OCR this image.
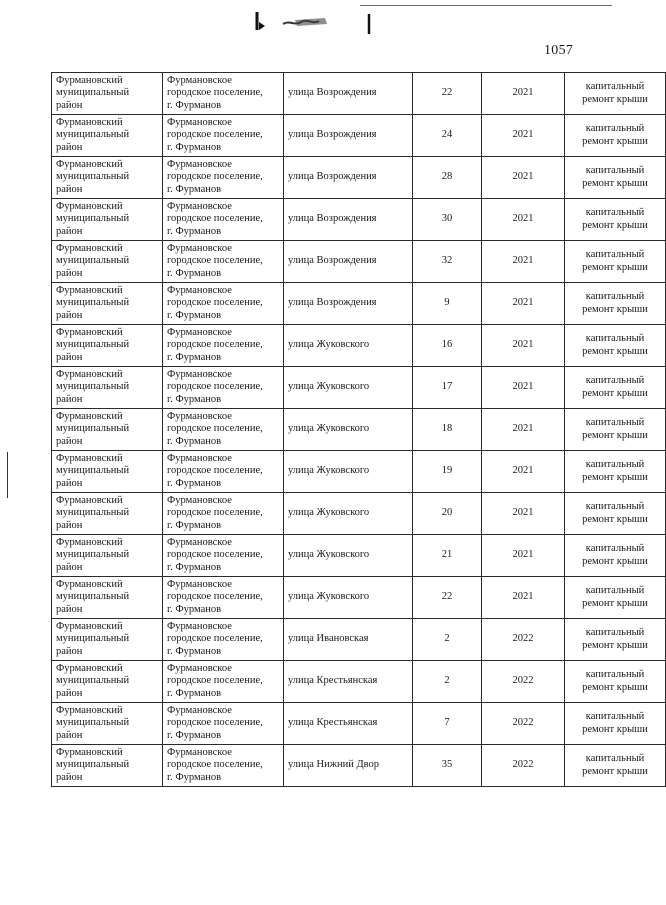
1057
Фурмановский
муниципальный
район	Фурмановское
городское поселение,
г. Фурманов	улица Возрождения	22	2021	капитальный
ремонт крыши

Фурмановский
муниципальный
район	Фурмановское
городское поселение,
г. Фурманов	улица Возрождения	24	2021	капитальный
ремонт крыши

Фурмановский
муниципальный
район	Фурмановское
городское поселение,
г. Фурманов	улица Возрождения	28	2021	капитальный
ремонт крыши

Фурмановский
муниципальный
район	Фурмановское
городское поселение,
г. Фурманов	улица Возрождения	30	2021	капитальный
ремонт крыши

Фурмановский
муниципальный
район	Фурмановское
городское поселение,
г. Фурманов	улица Возрождения	32	2021	капитальный
ремонт крыши

Фурмановский
муниципальный
район	Фурмановское
городское поселение,
г. Фурманов	улица Возрождения	9	2021	капитальный
ремонт крыши

Фурмановский
муниципальный
район	Фурмановское
городское поселение,
г. Фурманов	улица Жуковского	16	2021	капитальный
ремонт крыши

Фурмановский
муниципальный
район	Фурмановское
городское поселение,
г. Фурманов	улица Жуковского	17	2021	капитальный
ремонт крыши

Фурмановский
муниципальный
район	Фурмановское
городское поселение,
г. Фурманов	улица Жуковского	18	2021	капитальный
ремонт крыши

Фурмановский
муниципальный
район	Фурмановское
городское поселение,
г. Фурманов	улица Жуковского	19	2021	капитальный
ремонт крыши

Фурмановский
муниципальный
район	Фурмановское
городское поселение,
г. Фурманов	улица Жуковского	20	2021	капитальный
ремонт крыши

Фурмановский
муниципальный
район	Фурмановское
городское поселение,
г. Фурманов	улица Жуковского	21	2021	капитальный
ремонт крыши

Фурмановский
муниципальный
район	Фурмановское
городское поселение,
г. Фурманов	улица Жуковского	22	2021	капитальный
ремонт крыши

Фурмановский
муниципальный
район	Фурмановское
городское поселение,
г. Фурманов	улица Ивановская	2	2022	капитальный
ремонт крыши

Фурмановский
муниципальный
район	Фурмановское
городское поселение,
г. Фурманов	улица Крестьянская	2	2022	капитальный
ремонт крыши

Фурмановский
муниципальный
район	Фурмановское
городское поселение,
г. Фурманов	улица Крестьянская	7	2022	капитальный
ремонт крыши

Фурмановский
муниципальный
район	Фурмановское
городское поселение,
г. Фурманов	улица Нижний Двор	35	2022	капитальный
ремонт крыши
